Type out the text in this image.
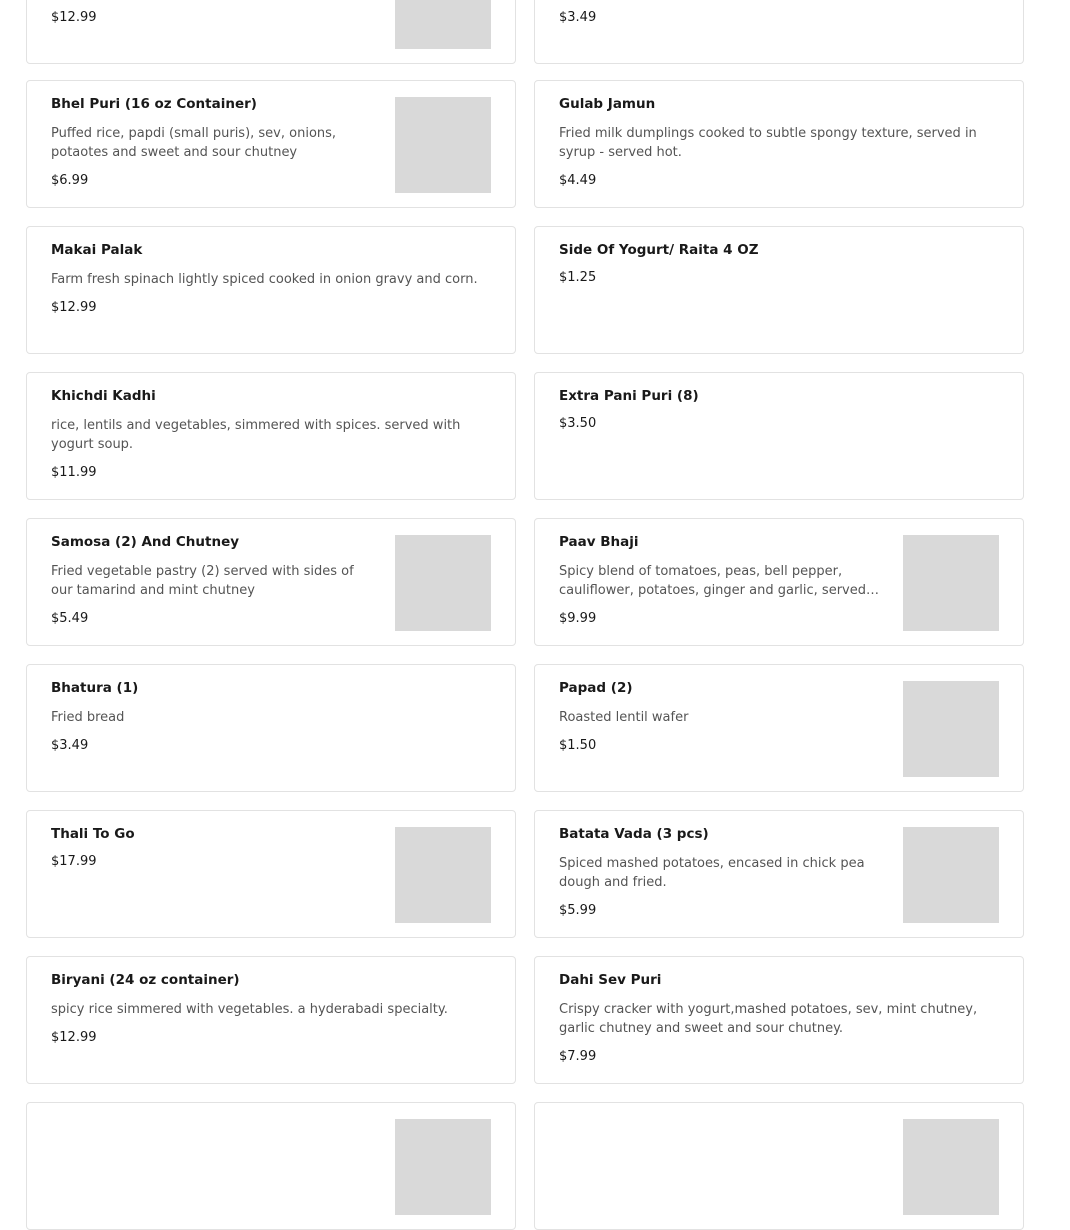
$12.99	$3.49
Bhel Puri (16 oz Container)
Puffed rice, papdi (small puris), sev, onions, potaotes and sweet and sour chutney
$6.99
Gulab Jamun
Fried milk dumplings cooked to subtle spongy texture, served in syrup - served hot.
$4.49
Makai Palak
Farm fresh spinach lightly spiced cooked in onion gravy and corn.
$12.99
Side Of Yogurt/ Raita 4 OZ
$1.25
Khichdi Kadhi
rice, lentils and vegetables, simmered with spices. served with yogurt soup.
$11.99
Extra Pani Puri (8)
$3.50
Samosa (2) And Chutney
Fried vegetable pastry (2) served with sides of our tamarind and mint chutney
$5.49
Paav Bhaji
Spicy blend of tomatoes, peas, bell pepper, cauliflower, potatoes, ginger and garlic, served
$9.99
Bhatura (1)
Fried bread
$3.49
Papad (2)
Roasted lentil wafer
$1.50
Thali To Go
$17.99
Batata Vada (3 pcs)
Spiced mashed potatoes, encased in chick pea dough and fried.
$5.99
Biryani (24 oz container)
spicy rice simmered with vegetables. a hyderabadi specialty.
$12.99
Dahi Sev Puri
Crispy cracker with yogurt,mashed potatoes, sev, mint chutney, garlic chutney and sweet and sour chutney.
$7.99
